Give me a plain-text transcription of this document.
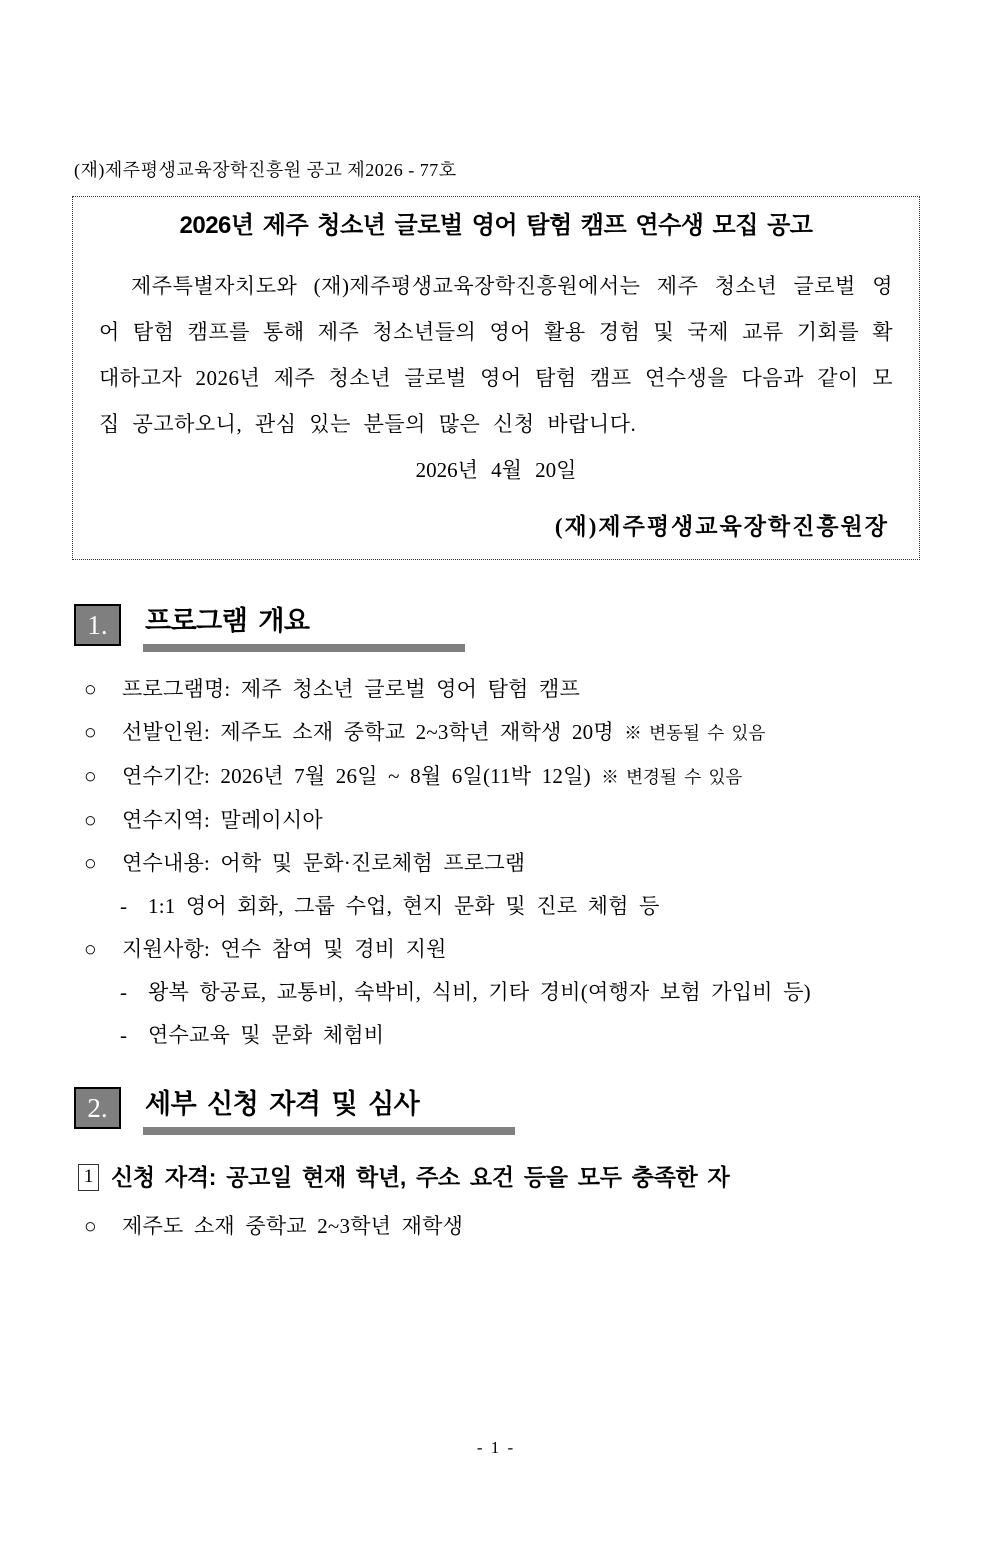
(재)제주평생교육장학진흥원 공고 제2026 - 77호
2026년 제주 청소년 글로벌 영어 탐험 캠프 연수생 모집 공고
제주특별자치도와 (재)제주평생교육장학진흥원에서는 제주 청소년 글로벌 영어 탐험 캠프를 통해 제주 청소년들의 영어 활용 경험 및 국제 교류 기회를 확대하고자 2026년 제주 청소년 글로벌 영어 탐험 캠프 연수생을 다음과 같이 모집 공고하오니, 관심 있는 분들의 많은 신청 바랍니다.
2026년 4월 20일
(재)제주평생교육장학진흥원장
1.	프로그램 개요
○ 프로그램명: 제주 청소년 글로벌 영어 탐험 캠프
○ 선발인원: 제주도 소재 중학교 2~3학년 재학생 20명 ※ 변동될 수 있음
○ 연수기간: 2026년 7월 26일 ~ 8월 6일(11박 12일) ※ 변경될 수 있음
○ 연수지역: 말레이시아
○ 연수내용: 어학 및 문화·진로체험 프로그램
- 1:1 영어 회화, 그룹 수업, 현지 문화 및 진로 체험 등
○ 지원사항: 연수 참여 및 경비 지원
- 왕복 항공료, 교통비, 숙박비, 식비, 기타 경비(여행자 보험 가입비 등)
- 연수교육 및 문화 체험비
2.	세부 신청 자격 및 심사
1 신청 자격: 공고일 현재 학년, 주소 요건 등을 모두 충족한 자
○ 제주도 소재 중학교 2~3학년 재학생
- 1 -
